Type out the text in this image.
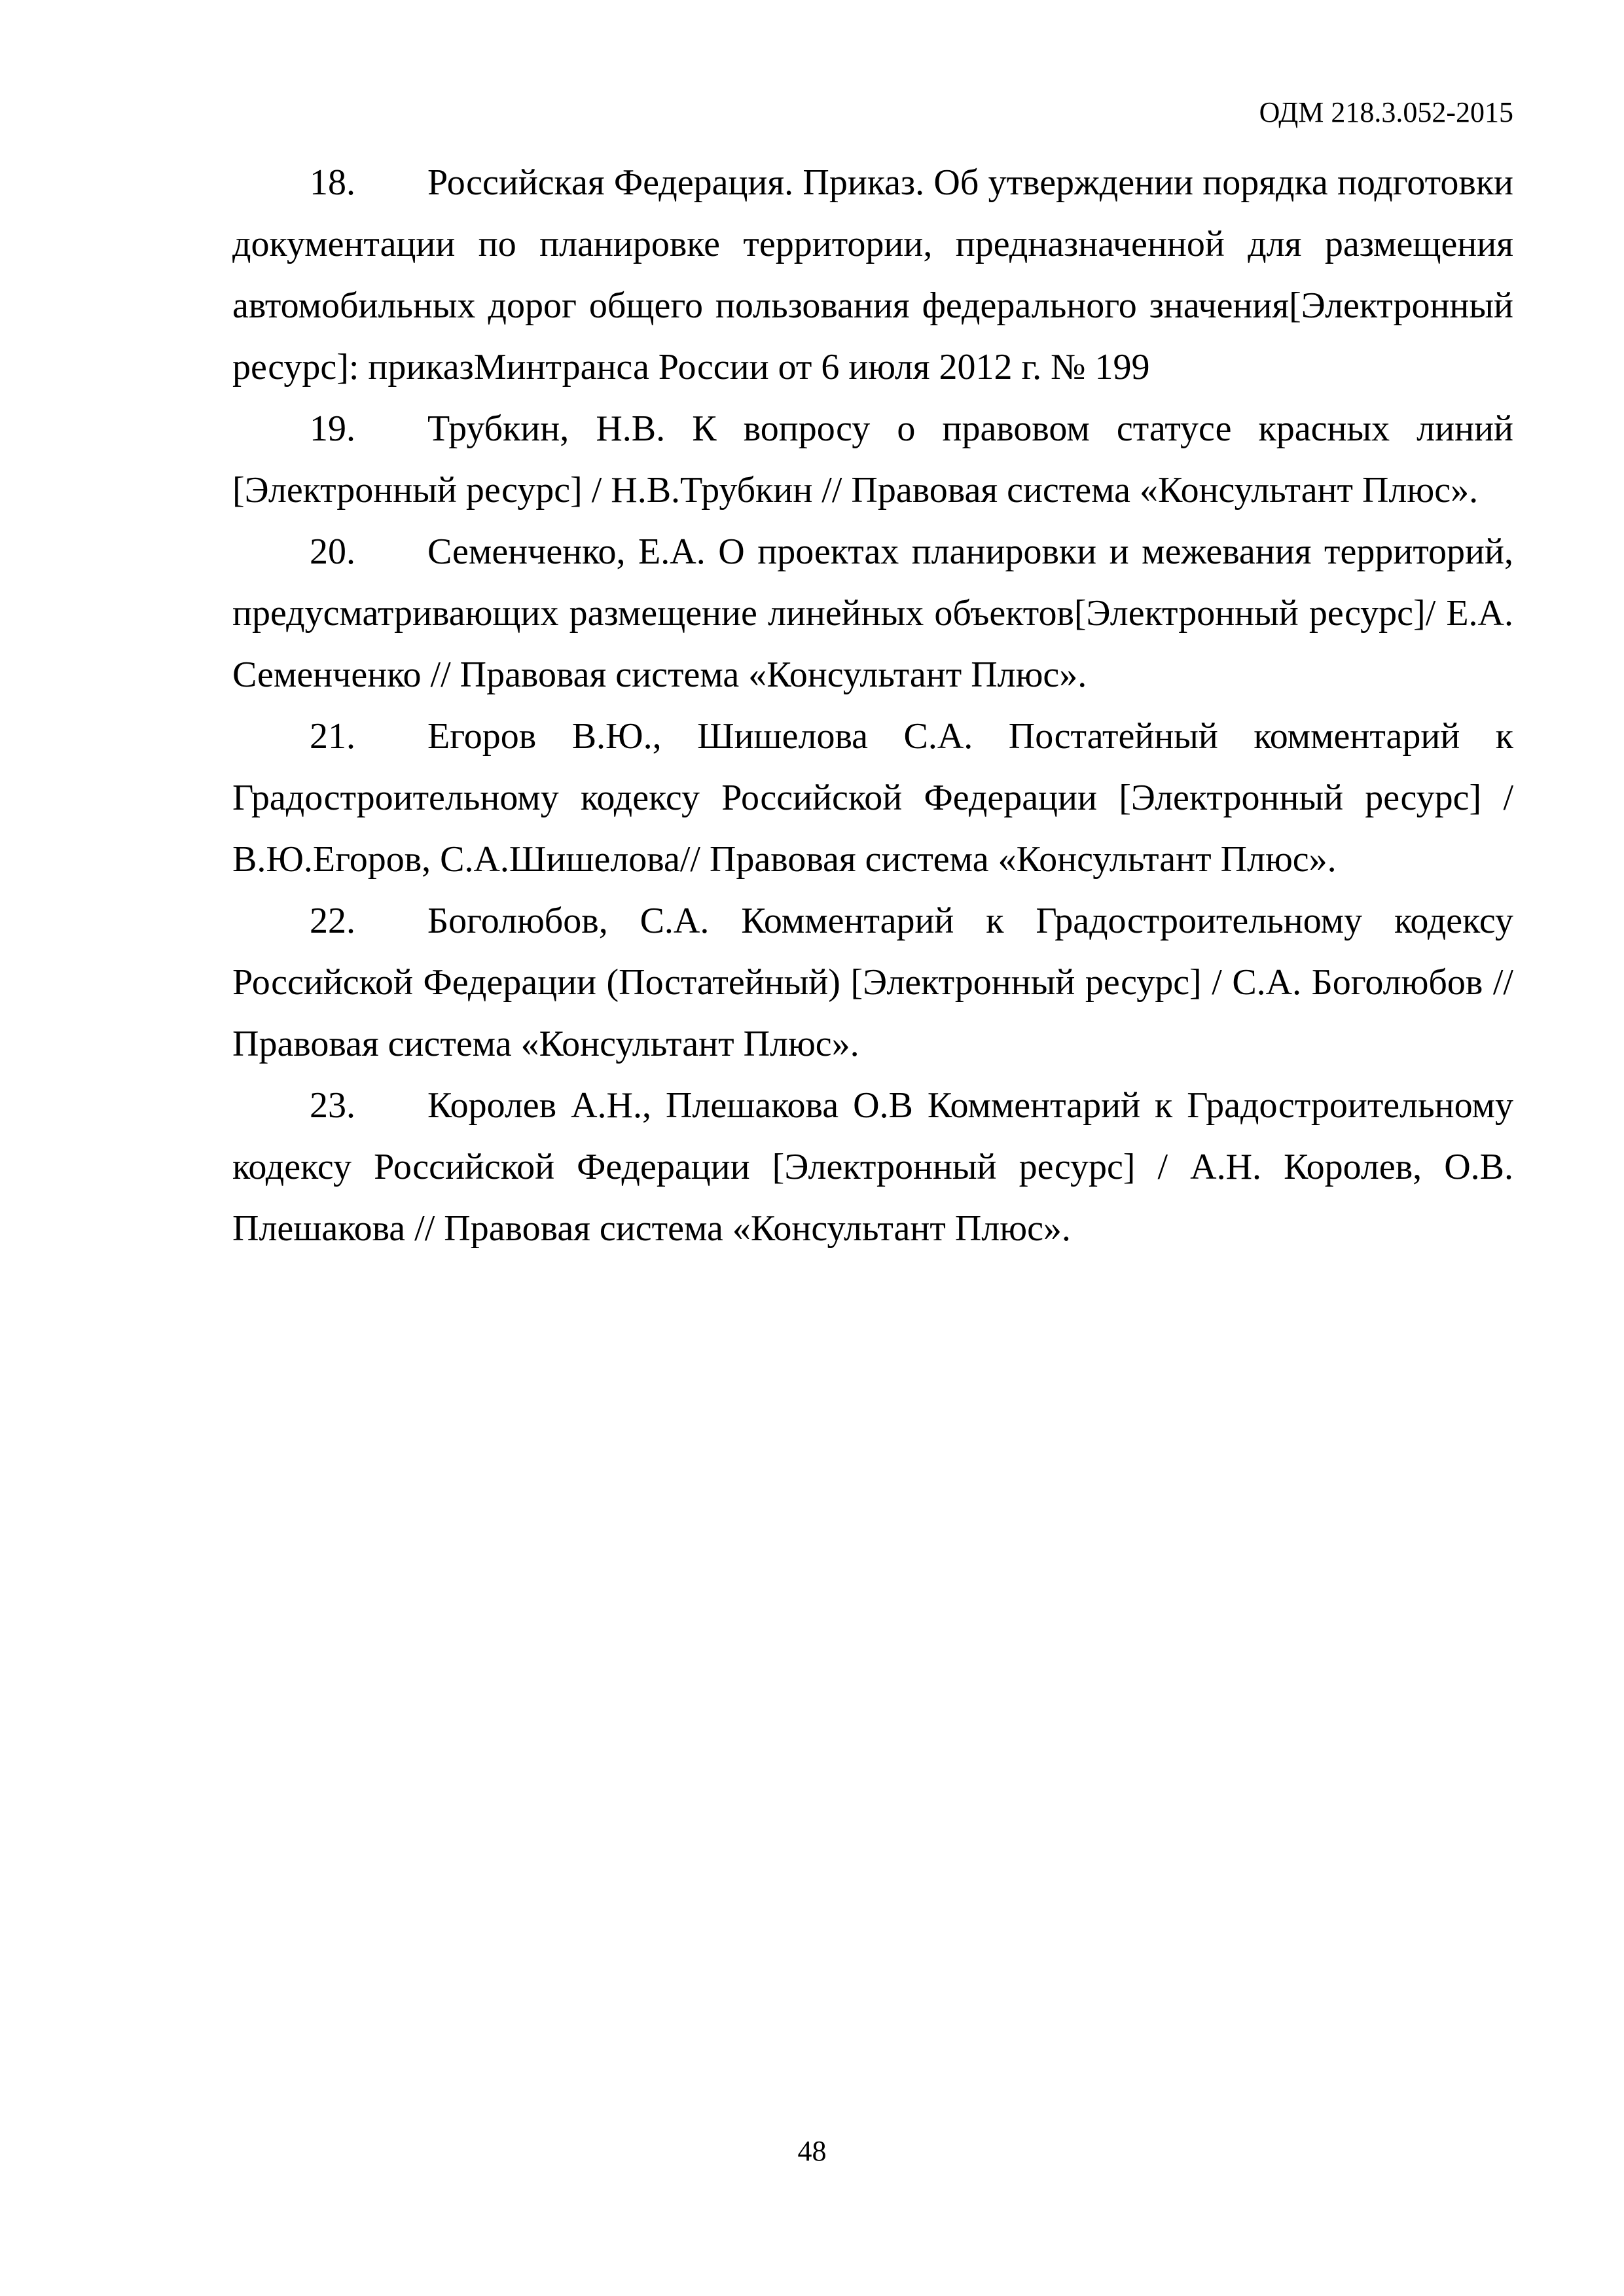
ОДМ 218.3.052-2015

18. Российская Федерация. Приказ. Об утверждении порядка подготовки документации по планировке территории, предназначенной для размещения автомобильных дорог общего пользования федерального значения[Электронный ресурс]: приказМинтранса России от 6 июля 2012 г. № 199

19. Трубкин, Н.В. К вопросу о правовом статусе красных линий [Электронный ресурс] / Н.В.Трубкин // Правовая система «Консультант Плюс».

20. Семенченко, Е.А. О проектах планировки и межевания территорий, предусматривающих размещение линейных объектов[Электронный ресурс]/ Е.А. Семенченко // Правовая система «Консультант Плюс».

21. Егоров В.Ю., Шишелова С.А. Постатейный комментарий к Градостроительному кодексу Российской Федерации [Электронный ресурс] / В.Ю.Егоров, С.А.Шишелова// Правовая система «Консультант Плюс».

22. Боголюбов, С.А. Комментарий к Градостроительному кодексу Российской Федерации (Постатейный) [Электронный ресурс] / С.А. Боголюбов // Правовая система «Консультант Плюс».

23. Королев А.Н., Плешакова О.В Комментарий к Градостроительному кодексу Российской Федерации [Электронный ресурс] / А.Н. Королев, О.В. Плешакова // Правовая система «Консультант Плюс».

48
